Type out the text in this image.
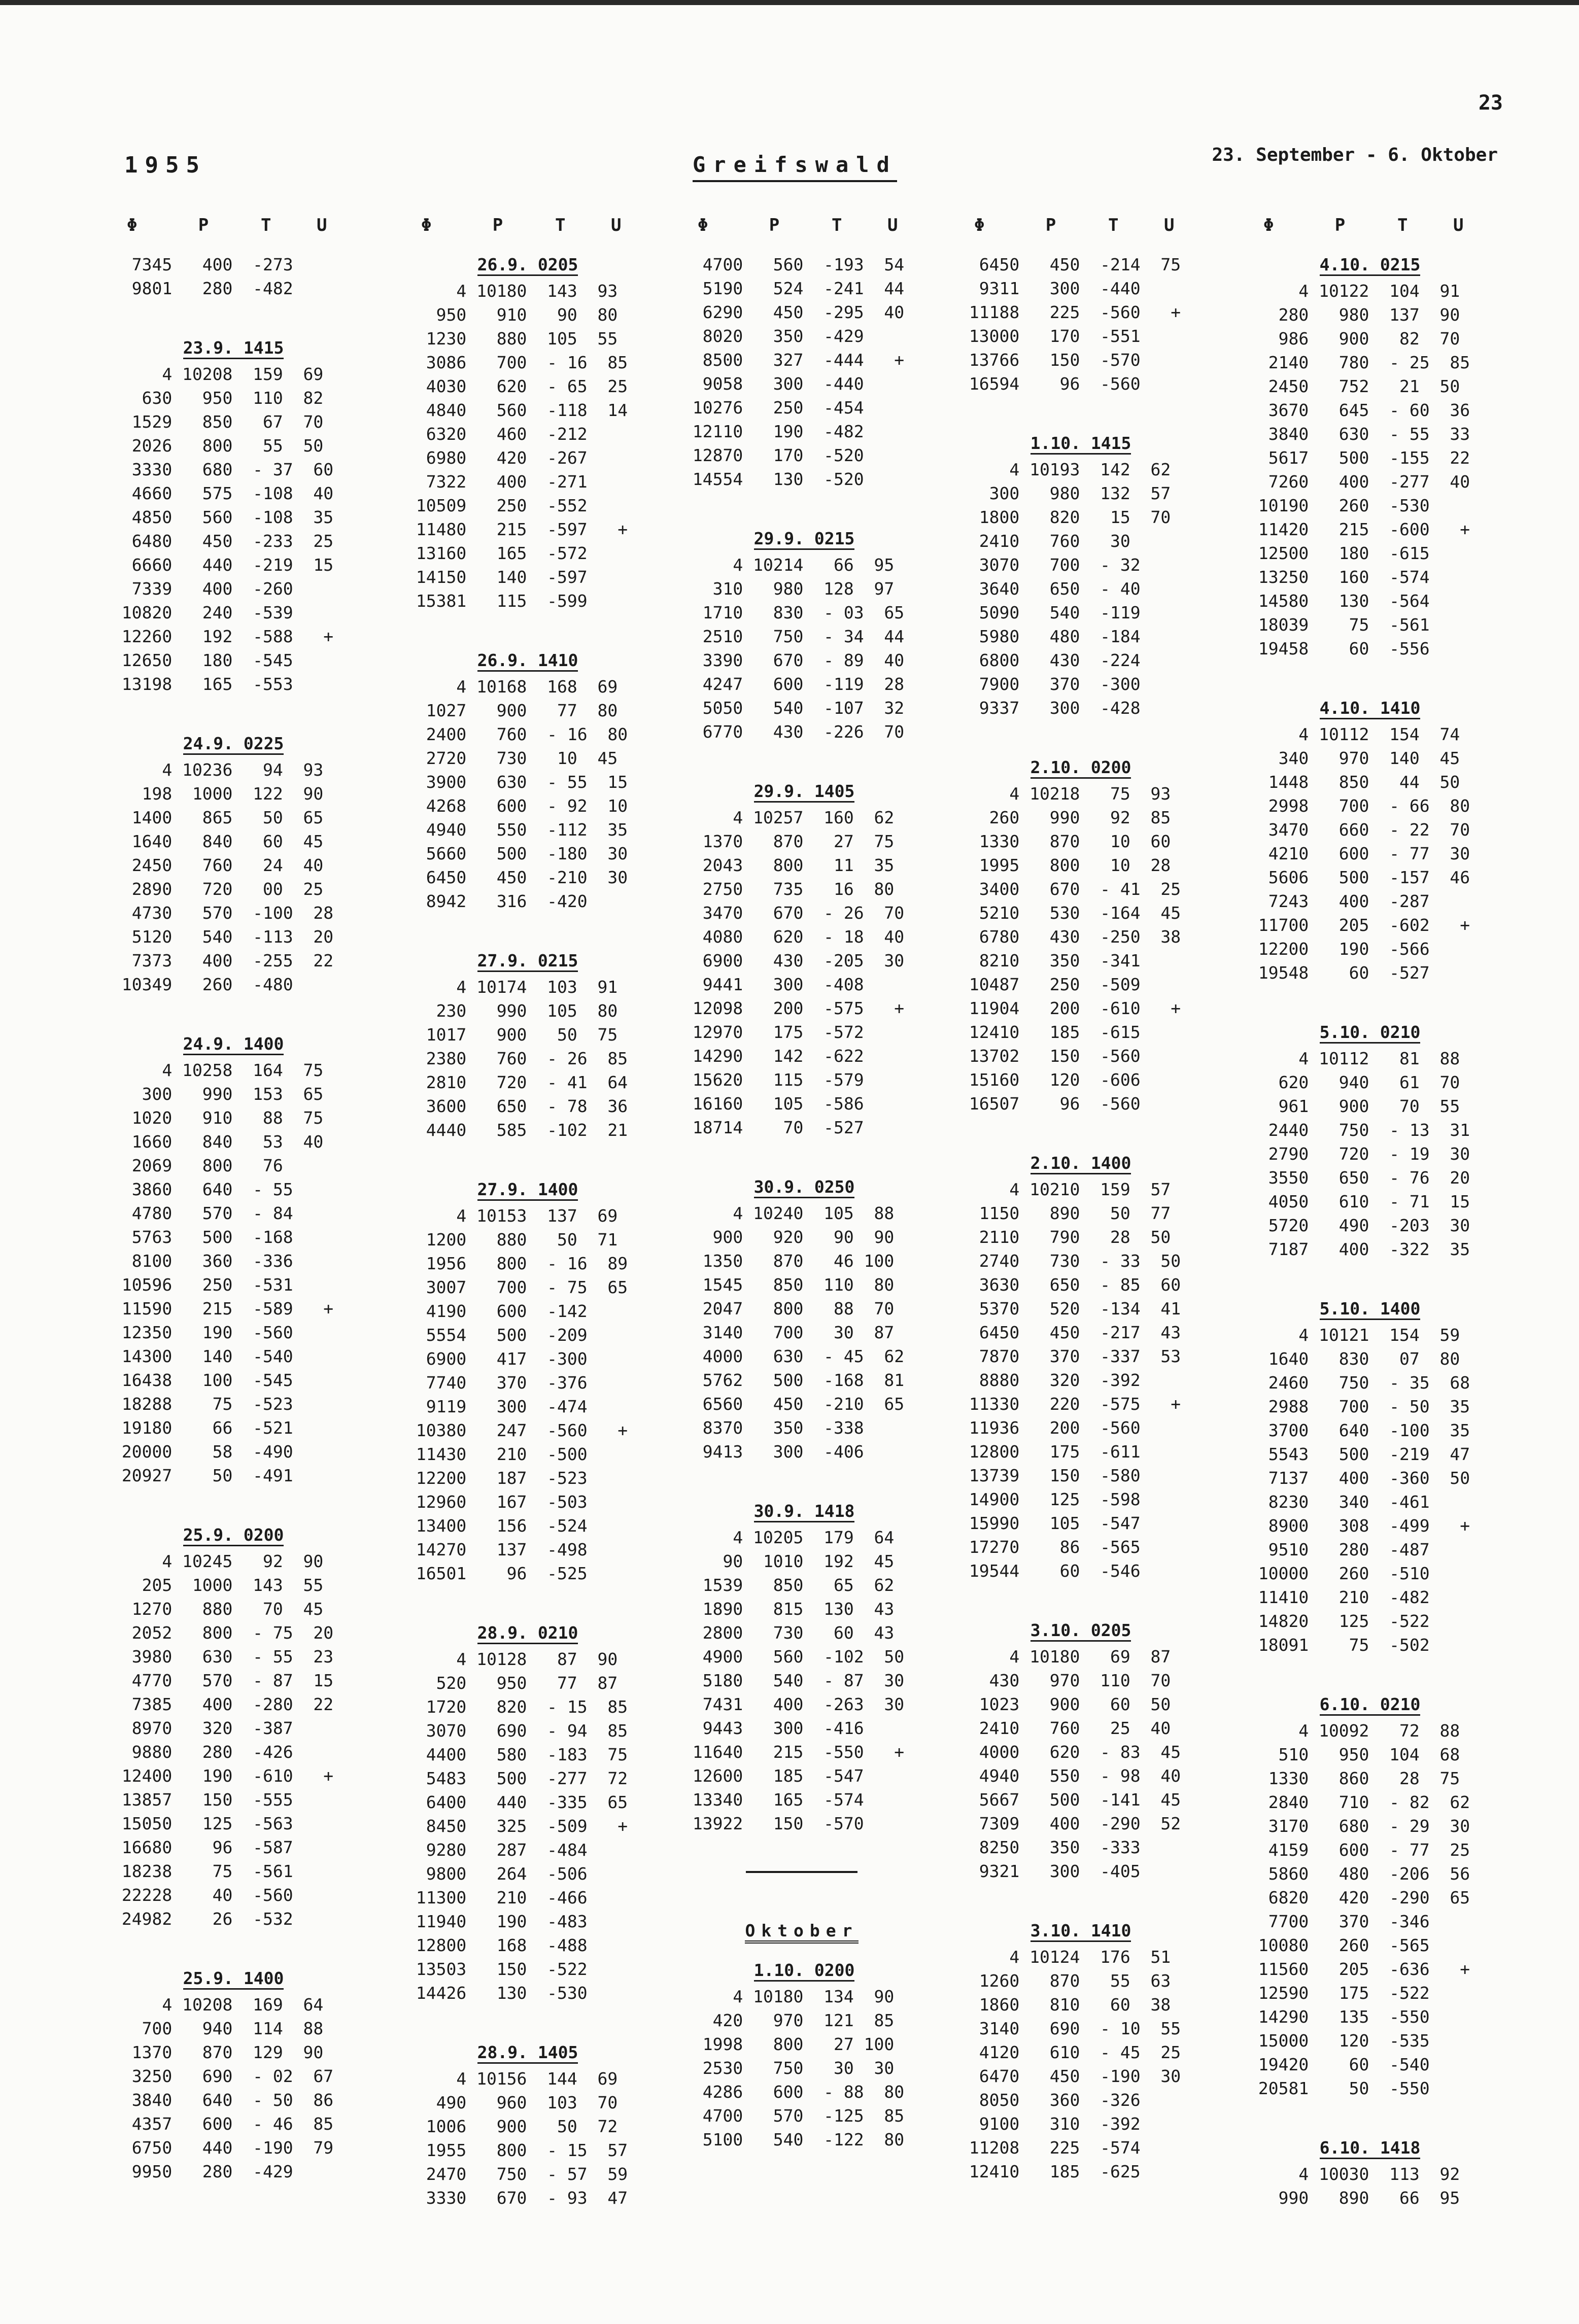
23
1955	Greifswald	23. September - 6. Oktober
Φ	P	T	U
7345   400  -273
9801   280  -482
23.9. 1415
4 10208  159  69
630   950  110  82
1529   850   67  70
2026   800   55  50
3330   680  - 37  60
4660   575  -108  40
4850   560  -108  35
6480   450  -233  25
6660   440  -219  15
7339   400  -260
10820   240  -539
12260   192  -588   +
12650   180  -545
13198   165  -553
24.9. 0225
4 10236   94  93
198  1000  122  90
1400   865   50  65
1640   840   60  45
2450   760   24  40
2890   720   00  25
4730   570  -100  28
5120   540  -113  20
7373   400  -255  22
10349   260  -480
24.9. 1400
4 10258  164  75
300   990  153  65
1020   910   88  75
1660   840   53  40
2069   800   76
3860   640  - 55
4780   570  - 84
5763   500  -168
8100   360  -336
10596   250  -531
11590   215  -589   +
12350   190  -560
14300   140  -540
16438   100  -545
18288    75  -523
19180    66  -521
20000    58  -490
20927    50  -491
25.9. 0200
4 10245   92  90
205  1000  143  55
1270   880   70  45
2052   800  - 75  20
3980   630  - 55  23
4770   570  - 87  15
7385   400  -280  22
8970   320  -387
9880   280  -426
12400   190  -610   +
13857   150  -555
15050   125  -563
16680    96  -587
18238    75  -561
22228    40  -560
24982    26  -532
25.9. 1400
4 10208  169  64
700   940  114  88
1370   870  129  90
3250   690  - 02  67
3840   640  - 50  86
4357   600  - 46  85
6750   440  -190  79
9950   280  -429
Φ	P	T	U
26.9. 0205
4 10180  143  93
950   910   90  80
1230   880  105  55
3086   700  - 16  85
4030   620  - 65  25
4840   560  -118  14
6320   460  -212
6980   420  -267
7322   400  -271
10509   250  -552
11480   215  -597   +
13160   165  -572
14150   140  -597
15381   115  -599
26.9. 1410
4 10168  168  69
1027   900   77  80
2400   760  - 16  80
2720   730   10  45
3900   630  - 55  15
4268   600  - 92  10
4940   550  -112  35
5660   500  -180  30
6450   450  -210  30
8942   316  -420
27.9. 0215
4 10174  103  91
230   990  105  80
1017   900   50  75
2380   760  - 26  85
2810   720  - 41  64
3600   650  - 78  36
4440   585  -102  21
27.9. 1400
4 10153  137  69
1200   880   50  71
1956   800  - 16  89
3007   700  - 75  65
4190   600  -142
5554   500  -209
6900   417  -300
7740   370  -376
9119   300  -474
10380   247  -560   +
11430   210  -500
12200   187  -523
12960   167  -503
13400   156  -524
14270   137  -498
16501    96  -525
28.9. 0210
4 10128   87  90
520   950   77  87
1720   820  - 15  85
3070   690  - 94  85
4400   580  -183  75
5483   500  -277  72
6400   440  -335  65
8450   325  -509   +
9280   287  -484
9800   264  -506
11300   210  -466
11940   190  -483
12800   168  -488
13503   150  -522
14426   130  -530
28.9. 1405
4 10156  144  69
490   960  103  70
1006   900   50  72
1955   800  - 15  57
2470   750  - 57  59
3330   670  - 93  47
Φ	P	T	U
4700   560  -193  54
5190   524  -241  44
6290   450  -295  40
8020   350  -429
8500   327  -444   +
9058   300  -440
10276   250  -454
12110   190  -482
12870   170  -520
14554   130  -520
29.9. 0215
4 10214   66  95
310   980  128  97
1710   830  - 03  65
2510   750  - 34  44
3390   670  - 89  40
4247   600  -119  28
5050   540  -107  32
6770   430  -226  70
29.9. 1405
4 10257  160  62
1370   870   27  75
2043   800   11  35
2750   735   16  80
3470   670  - 26  70
4080   620  - 18  40
6900   430  -205  30
9441   300  -408
12098   200  -575   +
12970   175  -572
14290   142  -622
15620   115  -579
16160   105  -586
18714    70  -527
30.9. 0250
4 10240  105  88
900   920   90  90
1350   870   46 100
1545   850  110  80
2047   800   88  70
3140   700   30  87
4000   630  - 45  62
5762   500  -168  81
6560   450  -210  65
8370   350  -338
9413   300  -406
30.9. 1418
4 10205  179  64
90  1010  192  45
1539   850   65  62
1890   815  130  43
2800   730   60  43
4900   560  -102  50
5180   540  - 87  30
7431   400  -263  30
9443   300  -416
11640   215  -550   +
12600   185  -547
13340   165  -574
13922   150  -570
Oktober
1.10. 0200
4 10180  134  90
420   970  121  85
1998   800   27 100
2530   750   30  30
4286   600  - 88  80
4700   570  -125  85
5100   540  -122  80
Φ	P	T	U
6450   450  -214  75
9311   300  -440
11188   225  -560   +
13000   170  -551
13766   150  -570
16594    96  -560
1.10. 1415
4 10193  142  62
300   980  132  57
1800   820   15  70
2410   760   30
3070   700  - 32
3640   650  - 40
5090   540  -119
5980   480  -184
6800   430  -224
7900   370  -300
9337   300  -428
2.10. 0200
4 10218   75  93
260   990   92  85
1330   870   10  60
1995   800   10  28
3400   670  - 41  25
5210   530  -164  45
6780   430  -250  38
8210   350  -341
10487   250  -509
11904   200  -610   +
12410   185  -615
13702   150  -560
15160   120  -606
16507    96  -560
2.10. 1400
4 10210  159  57
1150   890   50  77
2110   790   28  50
2740   730  - 33  50
3630   650  - 85  60
5370   520  -134  41
6450   450  -217  43
7870   370  -337  53
8880   320  -392
11330   220  -575   +
11936   200  -560
12800   175  -611
13739   150  -580
14900   125  -598
15990   105  -547
17270    86  -565
19544    60  -546
3.10. 0205
4 10180   69  87
430   970  110  70
1023   900   60  50
2410   760   25  40
4000   620  - 83  45
4940   550  - 98  40
5667   500  -141  45
7309   400  -290  52
8250   350  -333
9321   300  -405
3.10. 1410
4 10124  176  51
1260   870   55  63
1860   810   60  38
3140   690  - 10  55
4120   610  - 45  25
6470   450  -190  30
8050   360  -326
9100   310  -392
11208   225  -574
12410   185  -625
Φ	P	T	U
4.10. 0215
4 10122  104  91
280   980  137  90
986   900   82  70
2140   780  - 25  85
2450   752   21  50
3670   645  - 60  36
3840   630  - 55  33
5617   500  -155  22
7260   400  -277  40
10190   260  -530
11420   215  -600   +
12500   180  -615
13250   160  -574
14580   130  -564
18039    75  -561
19458    60  -556
4.10. 1410
4 10112  154  74
340   970  140  45
1448   850   44  50
2998   700  - 66  80
3470   660  - 22  70
4210   600  - 77  30
5606   500  -157  46
7243   400  -287
11700   205  -602   +
12200   190  -566
19548    60  -527
5.10. 0210
4 10112   81  88
620   940   61  70
961   900   70  55
2440   750  - 13  31
2790   720  - 19  30
3550   650  - 76  20
4050   610  - 71  15
5720   490  -203  30
7187   400  -322  35
5.10. 1400
4 10121  154  59
1640   830   07  80
2460   750  - 35  68
2988   700  - 50  35
3700   640  -100  35
5543   500  -219  47
7137   400  -360  50
8230   340  -461
8900   308  -499   +
9510   280  -487
10000   260  -510
11410   210  -482
14820   125  -522
18091    75  -502
6.10. 0210
4 10092   72  88
510   950  104  68
1330   860   28  75
2840   710  - 82  62
3170   680  - 29  30
4159   600  - 77  25
5860   480  -206  56
6820   420  -290  65
7700   370  -346
10080   260  -565
11560   205  -636   +
12590   175  -522
14290   135  -550
15000   120  -535
19420    60  -540
20581    50  -550
6.10. 1418
4 10030  113  92
990   890   66  95
